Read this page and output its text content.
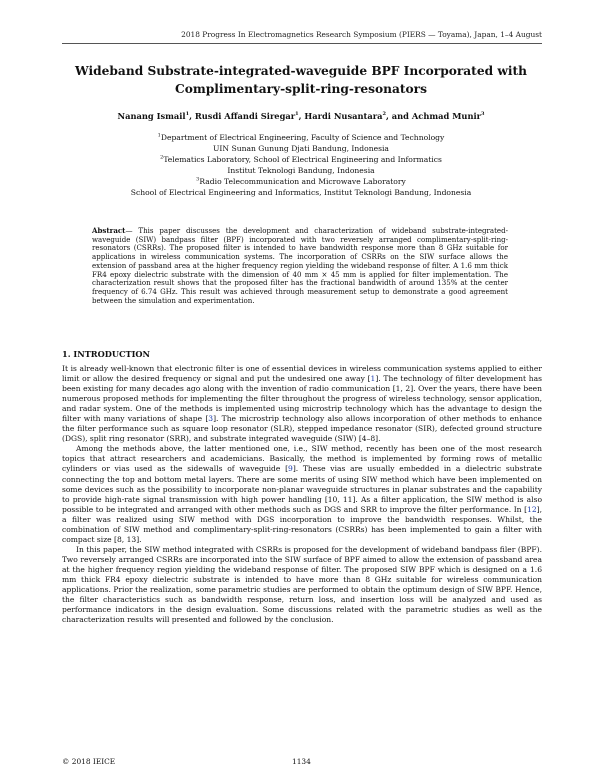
2018 Progress In Electromagnetics Research Symposium (PIERS — Toyama), Japan, 1–4 August
Wideband Substrate-integrated-waveguide BPF Incorporated with
Complimentary-split-ring-resonators
Nanang Ismail$^1$, Rusdi Affandi Siregar$^1$, Hardi Nusantara$^2$, and Achmad Munir$^3$
$^1$Department of Electrical Engineering, Faculty of Science and Technology
UIN Sunan Gunung Djati Bandung, Indonesia
$^2$Telematics Laboratory, School of Electrical Engineering and Informatics
Institut Teknologi Bandung, Indonesia
$^3$Radio Telecommunication and Microwave Laboratory
School of Electrical Engineering and Informatics, Institut Teknologi Bandung, Indonesia
Abstract— This paper discusses the development and characterization of wideband substrate-integrated-waveguide (SIW) bandpass filter (BPF) incorporated with two reversely arranged complimentary-split-ring-resonators (CSRRs). The proposed filter is intended to have bandwidth response more than 8 GHz suitable for applications in wireless communication systems. The incorporation of CSRRs on the SIW surface allows the extension of passband area at the higher frequency region yielding the wideband response of filter. A 1.6 mm thick FR4 epoxy dielectric substrate with the dimension of 40 mm × 45 mm is applied for filter implementation. The characterization result shows that the proposed filter has the fractional bandwidth of around 135% at the center frequency of 6.74 GHz. This result was achieved through measurement setup to demonstrate a good agreement between the simulation and experimentation.
1. INTRODUCTION

It is already well-known that electronic filter is one of essential devices in wireless communication systems applied to either limit or allow the desired frequency or signal and put the undesired one away [1]. The technology of filter development has been existing for many decades ago along with the invention of radio communication [1, 2]. Over the years, there have been numerous proposed methods for implementing the filter throughout the progress of wireless technology, sensor application, and radar system. One of the methods is implemented using microstrip technology which has the advantage to design the filter with many variations of shape [3]. The microstrip technology also allows incorporation of other methods to enhance the filter performance such as square loop resonator (SLR), stepped impedance resonator (SIR), defected ground structure (DGS), split ring resonator (SRR), and substrate integrated waveguide (SIW) [4–8].

Among the methods above, the latter mentioned one, i.e., SIW method, recently has been one of the most research topics that attract researchers and academicians. Basically, the method is implemented by forming rows of metallic cylinders or vias used as the sidewalls of waveguide [9]. These vias are usually embedded in a dielectric substrate connecting the top and bottom metal layers. There are some merits of using SIW method which have been implemented on some devices such as the possibility to incorporate non-planar waveguide structures in planar substrates and the capability to provide high-rate signal transmission with high power handling [10, 11]. As a filter application, the SIW method is also possible to be integrated and arranged with other methods such as DGS and SRR to improve the filter performance. In [12], a filter was realized using SIW method with DGS incorporation to improve the bandwidth responses. Whilst, the combination of SIW method and complimentary-split-ring-resonators (CSRRs) has been implemented to gain a filter with compact size [8, 13].

In this paper, the SIW method integrated with CSRRs is proposed for the development of wideband bandpass filer (BPF). Two reversely arranged CSRRs are incorporated into the SIW surface of BPF aimed to allow the extension of passband area at the higher frequency region yielding the wideband response of filter. The proposed SIW BPF which is designed on a 1.6 mm thick FR4 epoxy dielectric substrate is intended to have more than 8 GHz suitable for wireless communication applications. Prior the realization, some parametric studies are performed to obtain the optimum design of SIW BPF. Hence, the filter characteristics such as bandwidth response, return loss, and insertion loss will be analyzed and used as performance indicators in the design evaluation. Some discussions related with the parametric studies as well as the characterization results will presented and followed by the conclusion.

© 2018 IEICE	1134
